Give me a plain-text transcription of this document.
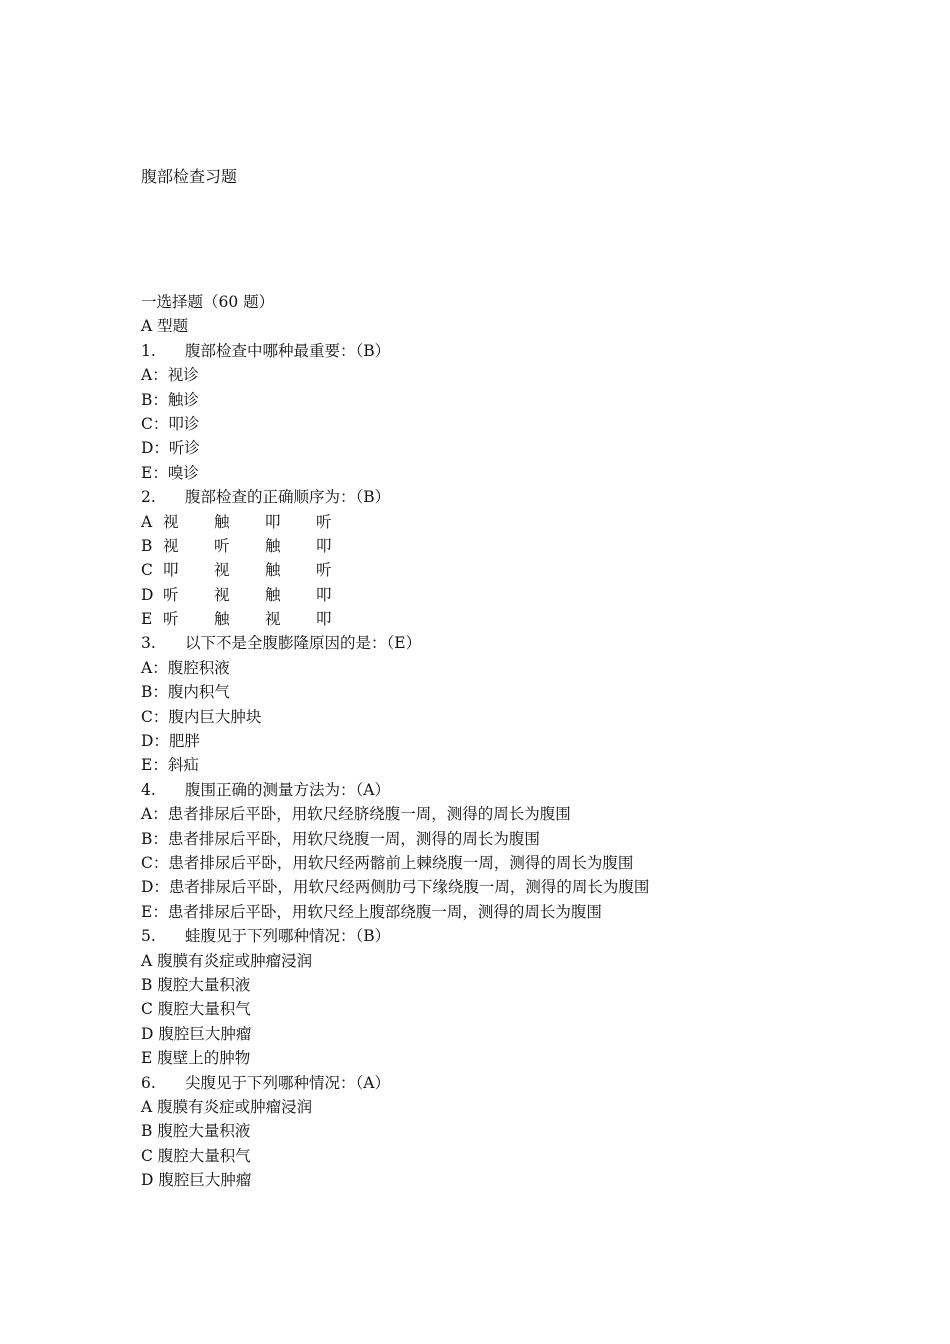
腹部检查习题
一选择题（60 题）
A 型题
1. 腹部检查中哪种最重要：（B）
A：视诊
B：触诊
C：叩诊
D：听诊
E：嗅诊
2. 腹部检查的正确顺序为：（B）
A 视 触 叩 听
B 视 听 触 叩
C 叩 视 触 听
D 听 视 触 叩
E 听 触 视 叩
3. 以下不是全腹膨隆原因的是：（E）
A：腹腔积液
B：腹内积气
C：腹内巨大肿块
D：肥胖
E：斜疝
4. 腹围正确的测量方法为：（A）
A：患者排尿后平卧，用软尺经脐绕腹一周，测得的周长为腹围
B：患者排尿后平卧，用软尺绕腹一周，测得的周长为腹围
C：患者排尿后平卧，用软尺经两髂前上棘绕腹一周，测得的周长为腹围
D：患者排尿后平卧，用软尺经两侧肋弓下缘绕腹一周，测得的周长为腹围
E：患者排尿后平卧，用软尺经上腹部绕腹一周，测得的周长为腹围
5. 蛙腹见于下列哪种情况：（B）
A 腹膜有炎症或肿瘤浸润
B 腹腔大量积液
C 腹腔大量积气
D 腹腔巨大肿瘤
E 腹壁上的肿物
6. 尖腹见于下列哪种情况：（A）
A 腹膜有炎症或肿瘤浸润
B 腹腔大量积液
C 腹腔大量积气
D 腹腔巨大肿瘤
